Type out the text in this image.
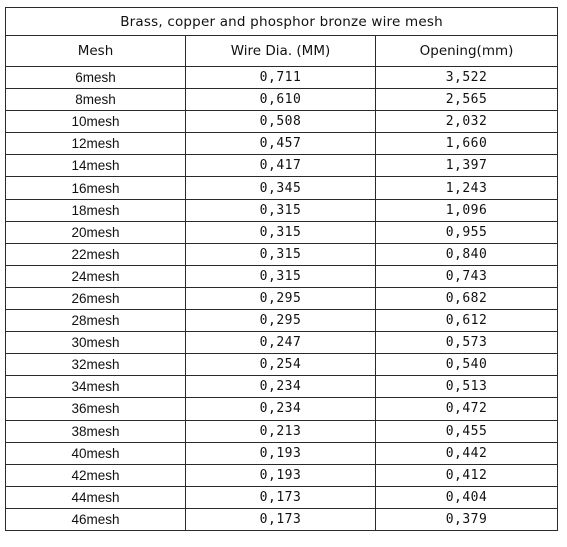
Brass, copper and phosphor bronze wire mesh		
Mesh	Wire Dia. (MM)	Opening(mm)
6mesh	0,711	3,522
8mesh	0,610	2,565
10mesh	0,508	2,032
12mesh	0,457	1,660
14mesh	0,417	1,397
16mesh	0,345	1,243
18mesh	0,315	1,096
20mesh	0,315	0,955
22mesh	0,315	0,840
24mesh	0,315	0,743
26mesh	0,295	0,682
28mesh	0,295	0,612
30mesh	0,247	0,573
32mesh	0,254	0,540
34mesh	0,234	0,513
36mesh	0,234	0,472
38mesh	0,213	0,455
40mesh	0,193	0,442
42mesh	0,193	0,412
44mesh	0,173	0,404
46mesh	0,173	0,379
